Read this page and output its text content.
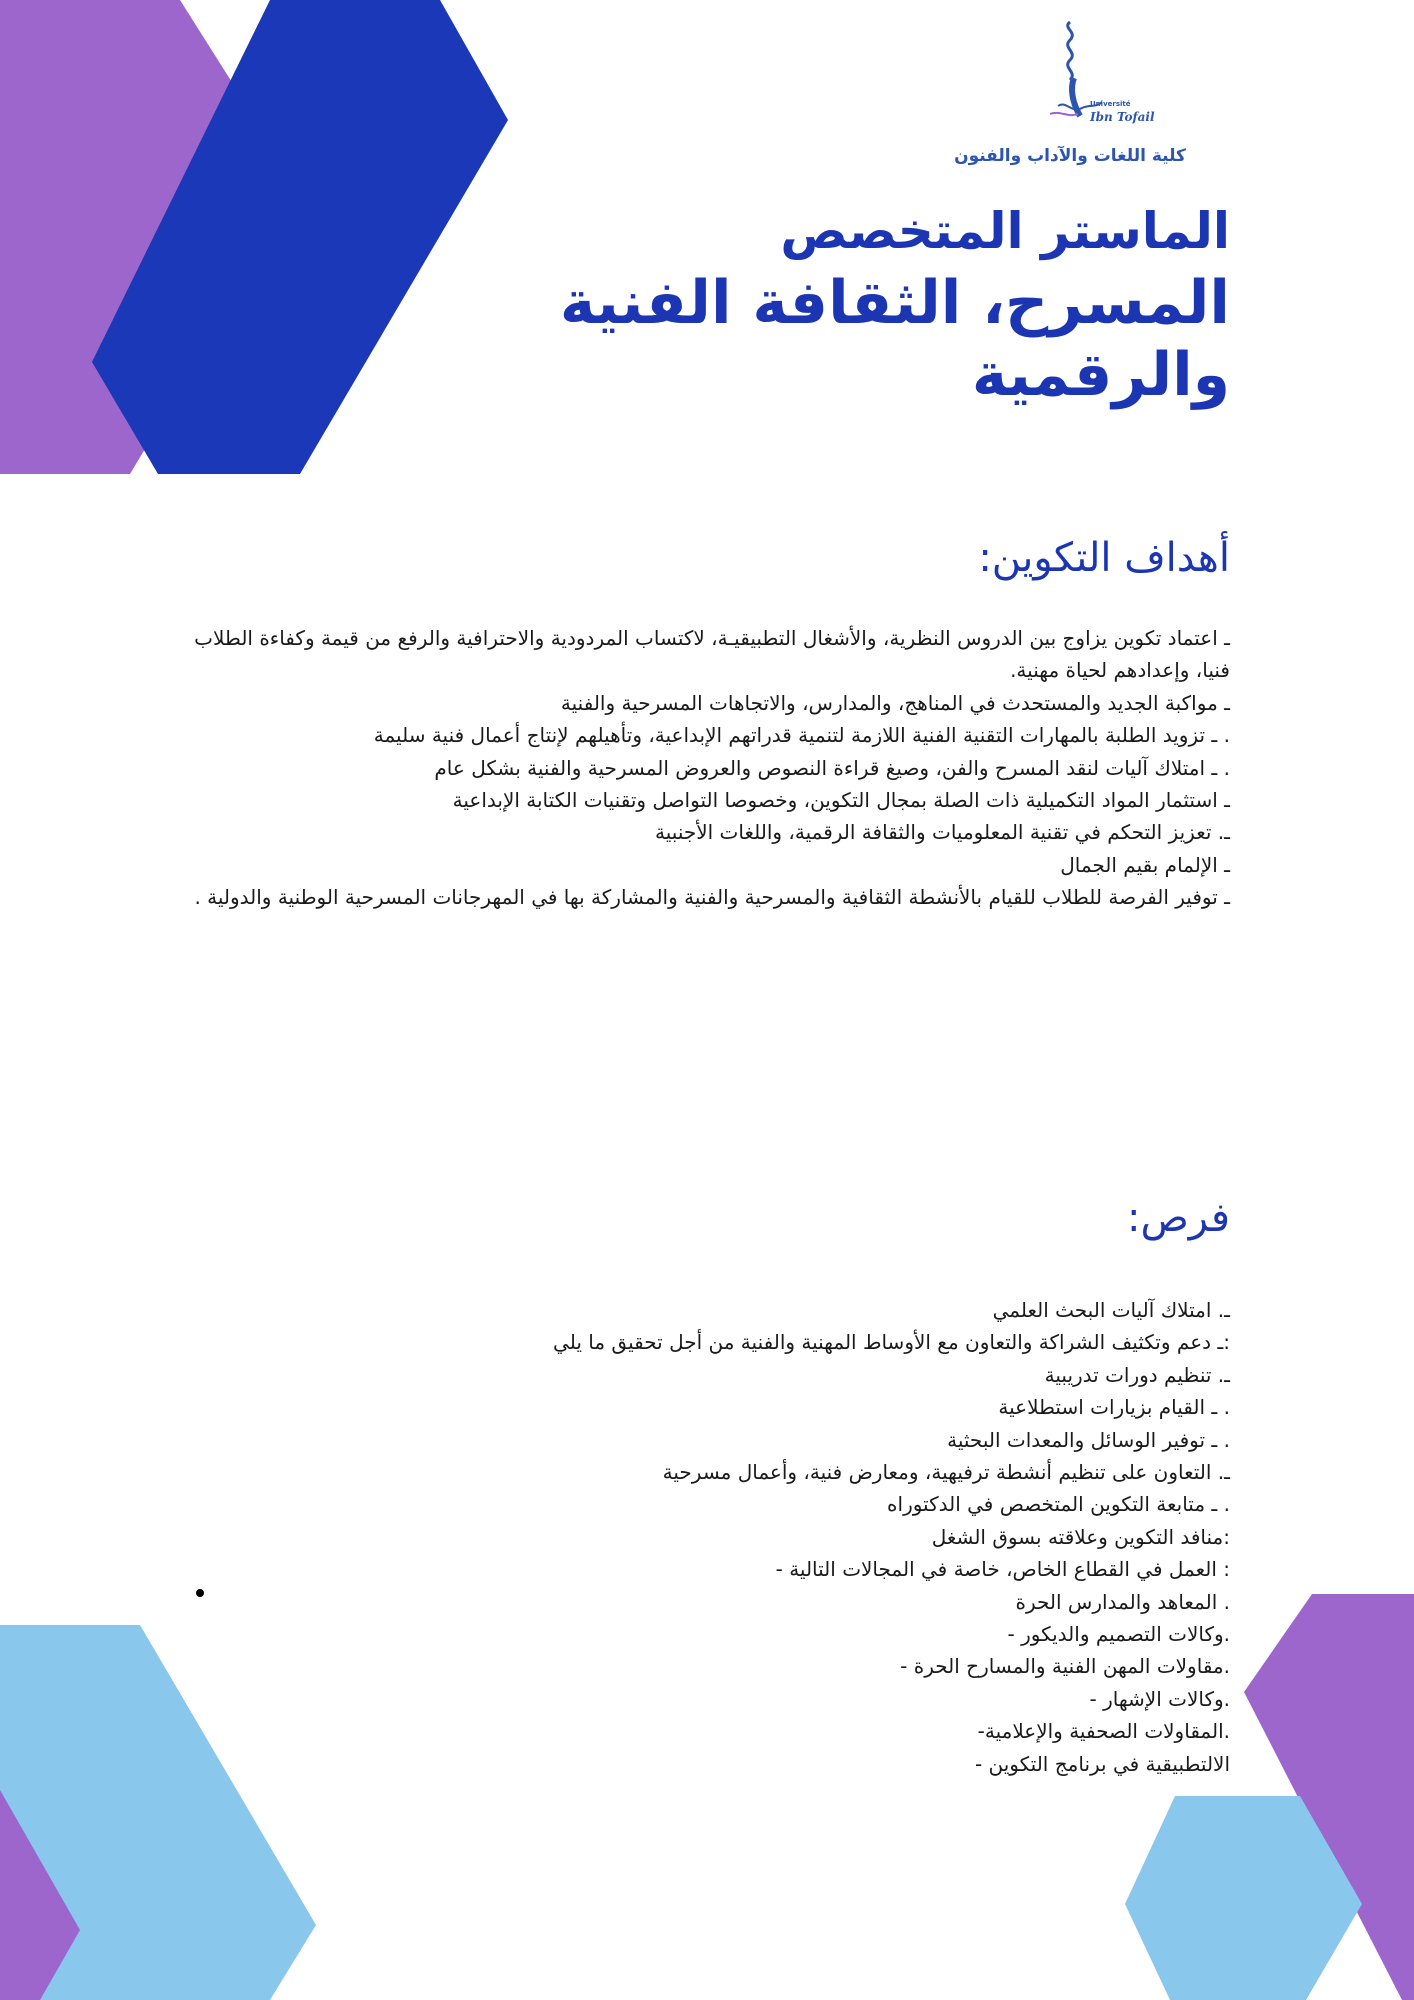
Université
Ibn Tofail
كلية اللغات والآداب والفنون
الماستر المتخصص
المسرح، الثقافة الفنية
والرقمية
أهداف التكوين:
ـ اعتماد تكوين يزاوج بين الدروس النظرية، والأشغال التطبيقيـة، لاكتساب المردودية والاحترافية والرفع من قيمة وكفاءة الطلاب فنيا، وإعدادهم لحياة مهنية.
ـ مواكبة الجديد والمستحدث في المناهج، والمدارس، والاتجاهات المسرحية والفنية
. ـ تزويد الطلبة بالمهارات التقنية الفنية اللازمة لتنمية قدراتهم الإبداعية، وتأهيلهم لإنتاج أعمال فنية سليمة
. ـ امتلاك آليات لنقد المسرح والفن، وصيغ قراءة النصوص والعروض المسرحية والفنية بشكل عام
ـ استثمار المواد التكميلية ذات الصلة بمجال التكوين، وخصوصا التواصل وتقنيات الكتابة الإبداعية
ـ. تعزيز التحكم في تقنية المعلوميات والثقافة الرقمية، واللغات الأجنبية
ـ الإلمام بقيم الجمال
ـ توفير الفرصة للطلاب للقيام بالأنشطة الثقافية والمسرحية والفنية والمشاركة بها في المهرجانات المسرحية الوطنية والدولية .
فرص:
ـ. امتلاك آليات البحث العلمي
:ـ دعم وتكثيف الشراكة والتعاون مع الأوساط المهنية والفنية من أجل تحقيق ما يلي
ـ. تنظيم دورات تدريبية
. ـ القيام بزيارات استطلاعية
. ـ توفير الوسائل والمعدات البحثية
ـ. التعاون على تنظيم أنشطة ترفيهية، ومعارض فنية، وأعمال مسرحية
. ـ متابعة التكوين المتخصص في الدكتوراه
:منافد التكوين وعلاقته بسوق الشغل
: العمل في القطاع الخاص، خاصة في المجالات التالية -
. المعاهد والمدارس الحرة
.وكالات التصميم والديكور -
.مقاولات المهن الفنية والمسارح الحرة -
.وكالات الإشهار -
.المقاولات الصحفية والإعلامية-
الالتطبيقية في برنامج التكوين -
